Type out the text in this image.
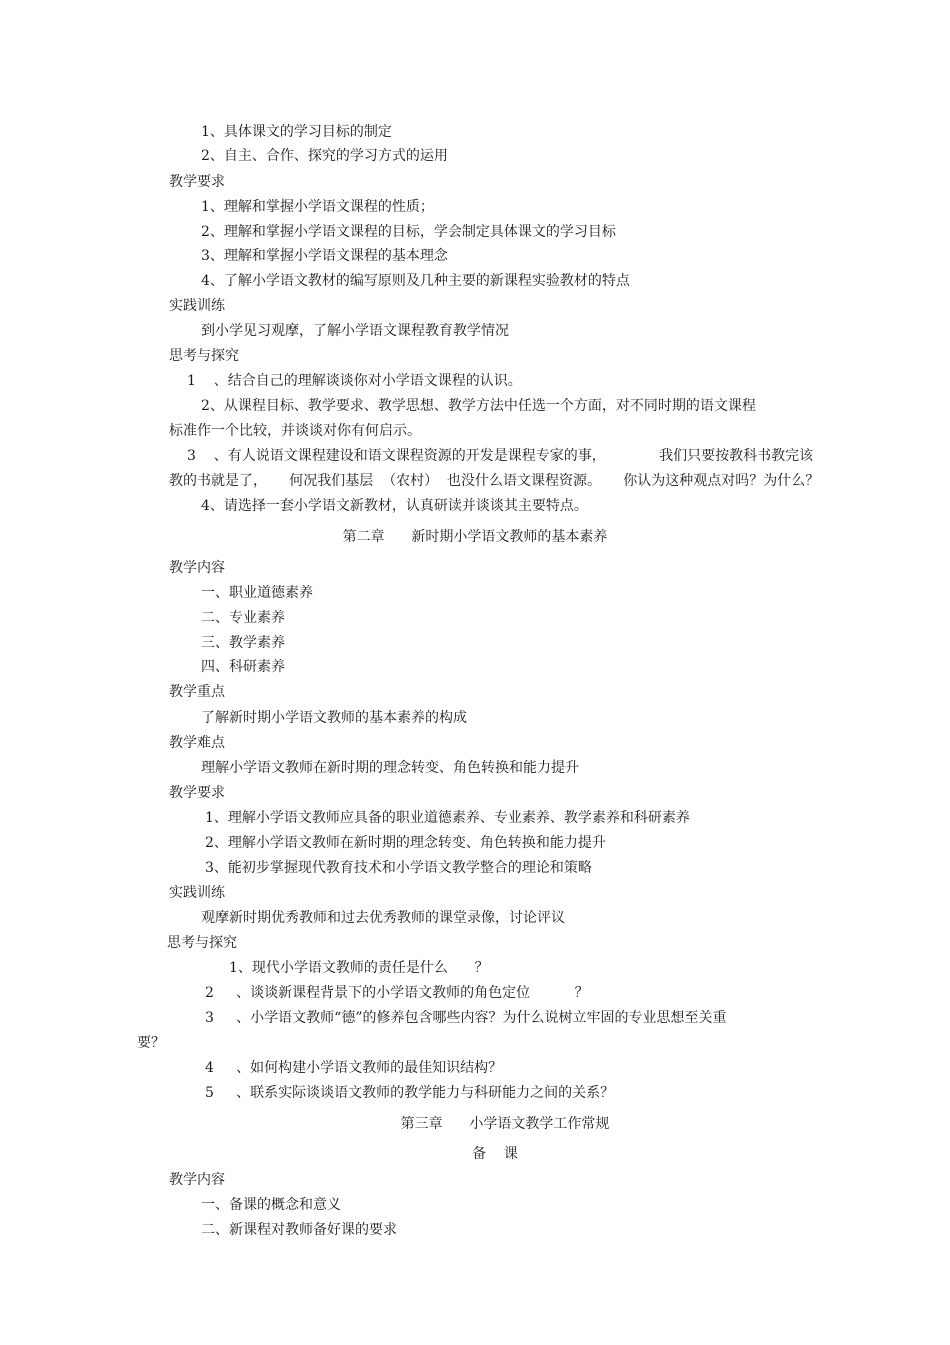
1、具体课文的学习目标的制定
2、自主、合作、探究的学习方式的运用
教学要求
1、理解和掌握小学语文课程的性质；
2、理解和掌握小学语文课程的目标，学会制定具体课文的学习目标
3、理解和掌握小学语文课程的基本理念
4、了解小学语文教材的编写原则及几种主要的新课程实验教材的特点
实践训练
到小学见习观摩，了解小学语文课程教育教学情况
思考与探究
1    、结合自己的理解谈谈你对小学语文课程的认识。
2、从课程目标、教学要求、教学思想、教学方法中任选一个方面，对不同时期的语文课程
标准作一个比较，并谈谈对你有何启示。
3    、有人说语文课程建设和语文课程资源的开发是课程专家的事，            我们只要按教科书教完该
教的书就是了，     何况我们基层  （农村）  也没什么语文课程资源。     你认为这种观点对吗？为什么？
4、请选择一套小学语文新教材，认真研读并谈谈其主要特点。
第二章      新时期小学语文教师的基本素养
教学内容
一、职业道德素养
二、专业素养
三、教学素养
四、科研素养
教学重点
了解新时期小学语文教师的基本素养的构成
教学难点
理解小学语文教师在新时期的理念转变、角色转换和能力提升
教学要求
1、理解小学语文教师应具备的职业道德素养、专业素养、教学素养和科研素养
2、理解小学语文教师在新时期的理念转变、角色转换和能力提升
3、能初步掌握现代教育技术和小学语文教学整合的理论和策略
实践训练
观摩新时期优秀教师和过去优秀教师的课堂录像，讨论评议
思考与探究
1、现代小学语文教师的责任是什么      ？
2     、谈谈新课程背景下的小学语文教师的角色定位          ？
3     、小学语文教师“德”的修养包含哪些内容？为什么说树立牢固的专业思想至关重
要？
4     、如何构建小学语文教师的最佳知识结构？
5     、联系实际谈谈语文教师的教学能力与科研能力之间的关系？
第三章      小学语文教学工作常规
备    课
教学内容
一、备课的概念和意义
二、新课程对教师备好课的要求
